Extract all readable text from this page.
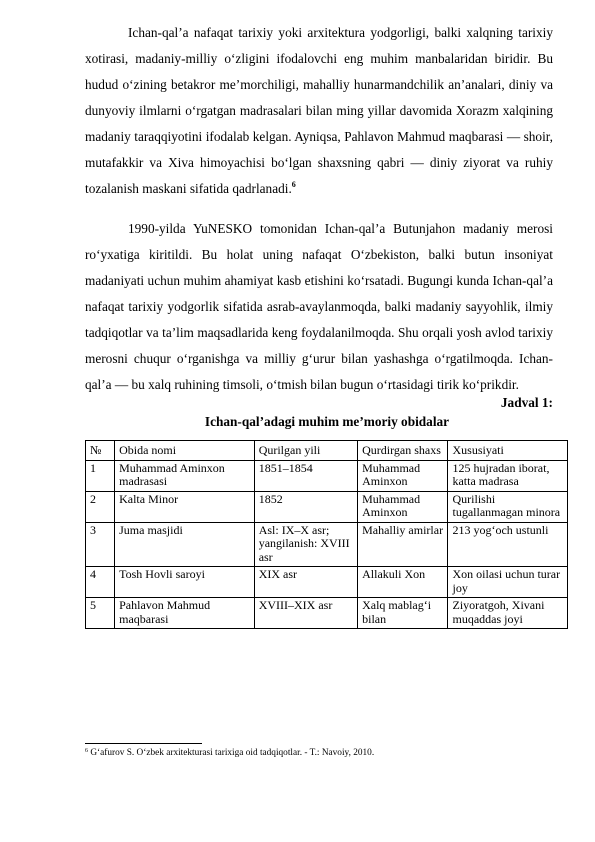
Ichan-qal’a nafaqat tarixiy yoki arxitektura yodgorligi, balki xalqning tarixiy xotirasi, madaniy-milliy o‘zligini ifodalovchi eng muhim manbalaridan biridir. Bu hudud o‘zining betakror me’morchiligi, mahalliy hunarmandchilik an’analari, diniy va dunyoviy ilmlarni o‘rgatgan madrasalari bilan ming yillar davomida Xorazm xalqining madaniy taraqqiyotini ifodalab kelgan. Ayniqsa, Pahlavon Mahmud maqbarasi — shoir, mutafakkir va Xiva himoyachisi bo‘lgan shaxsning qabri — diniy ziyorat va ruhiy tozalanish maskani sifatida qadrlanadi.$^6$

1990-yilda YuNESKO tomonidan Ichan-qal’a Butunjahon madaniy merosi ro‘yxatiga kiritildi. Bu holat uning nafaqat O‘zbekiston, balki butun insoniyat madaniyati uchun muhim ahamiyat kasb etishini ko‘rsatadi. Bugungi kunda Ichan-qal’a nafaqat tarixiy yodgorlik sifatida asrab-avaylanmoqda, balki madaniy sayyohlik, ilmiy tadqiqotlar va ta’lim maqsadlarida keng foydalanilmoqda. Shu orqali yosh avlod tarixiy merosni chuqur o‘rganishga va milliy g‘urur bilan yashashga o‘rgatilmoqda. Ichan-qal’a — bu xalq ruhining timsoli, o‘tmish bilan bugun o‘rtasidagi tirik ko‘prikdir.

Jadval 1:
Ichan-qal’adagi muhim me’moriy obidalar
№	Obida nomi	Qurilgan yili	Qurdirgan shaxs	Xususiyati
1	Muhammad Aminxon madrasasi	1851–1854	Muhammad Aminxon	125 hujradan iborat, katta madrasa
2	Kalta Minor	1852	Muhammad Aminxon	Qurilishi tugallanmagan minora
3	Juma masjidi	Asl: IX–X asr; yangilanish: XVIII asr	Mahalliy amirlar	213 yog‘och ustunli
4	Tosh Hovli saroyi	XIX asr	Allakuli Xon	Xon oilasi uchun turar joy
5	Pahlavon Mahmud maqbarasi	XVIII–XIX asr	Xalq mablag‘i bilan	Ziyoratgoh, Xivani muqaddas joyi
$^6$ G‘afurov S. O‘zbek arxitekturasi tarixiga oid tadqiqotlar. - T.: Navoiy, 2010.
